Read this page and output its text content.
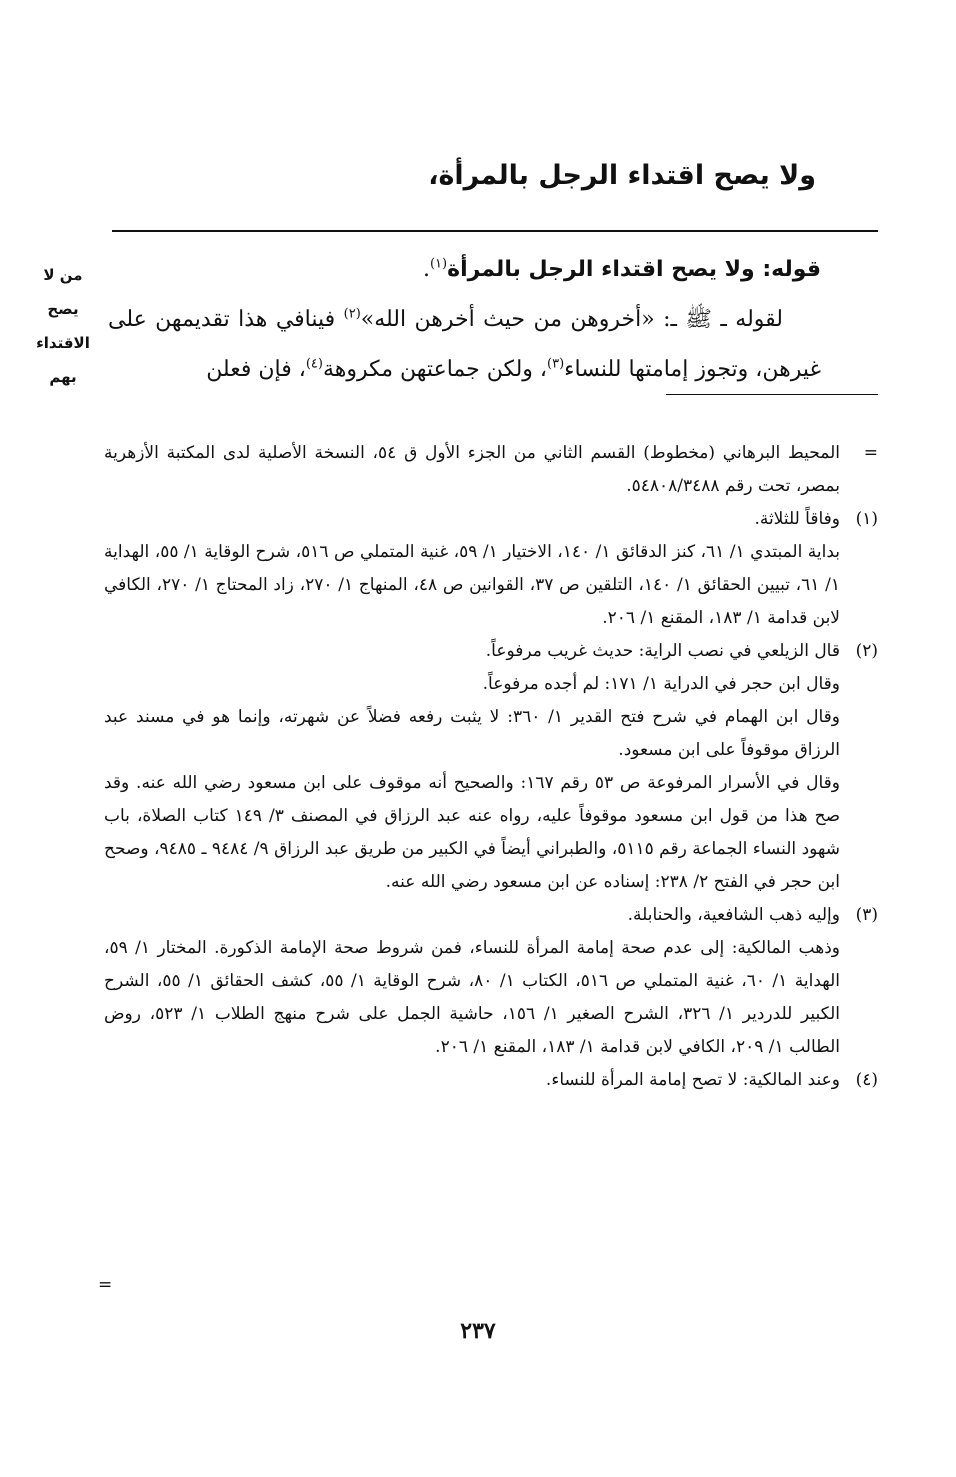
ولا يصح اقتداء الرجل بالمرأة،
من لا
يصح
الاقتداء
بهم

قوله: ولا يصح اقتداء الرجل بالمرأة$^{(١)}$.

لقوله ـ ﷺ ـ: «أخروهن من حيث أخرهن الله»$^{(٢)}$ فينافي هذا تقديمهن على غيرهن، وتجوز إمامتها للنساء$^{(٣)}$، ولكن جماعتهن مكروهة$^{(٤)}$، فإن فعلن

=
المحيط البرهاني (مخطوط) القسم الثاني من الجزء الأول ق ٥٤، النسخة الأصلية لدى المكتبة الأزهرية بمصر، تحت رقم ٥٤٨٠٨/٣٤٨٨.
(١)
وفاقاً للثلاثة.
بداية المبتدي ١/ ٦١، كنز الدقائق ١/ ١٤٠، الاختيار ١/ ٥٩، غنية المتملي ص ٥١٦، شرح الوقاية ١/ ٥٥، الهداية ١/ ٦١، تبيين الحقائق ١/ ١٤٠، التلقين ص ٣٧، القوانين ص ٤٨، المنهاج ١/ ٢٧٠، زاد المحتاج ١/ ٢٧٠، الكافي لابن قدامة ١/ ١٨٣، المقنع ١/ ٢٠٦.
(٢)
قال الزيلعي في نصب الراية: حديث غريب مرفوعاً.
وقال ابن حجر في الدراية ١/ ١٧١: لم أجده مرفوعاً.
وقال ابن الهمام في شرح فتح القدير ١/ ٣٦٠: لا يثبت رفعه فضلاً عن شهرته، وإنما هو في مسند عبد الرزاق موقوفاً على ابن مسعود.
وقال في الأسرار المرفوعة ص ٥٣ رقم ١٦٧: والصحيح أنه موقوف على ابن مسعود رضي الله عنه. وقد صح هذا من قول ابن مسعود موقوفاً عليه، رواه عنه عبد الرزاق في المصنف ٣/ ١٤٩ كتاب الصلاة، باب شهود النساء الجماعة رقم ٥١١٥، والطبراني أيضاً في الكبير من طريق عبد الرزاق ٩/ ٩٤٨٤ ـ ٩٤٨٥، وصحح ابن حجر في الفتح ٢/ ٢٣٨: إسناده عن ابن مسعود رضي الله عنه.
(٣)
وإليه ذهب الشافعية، والحنابلة.
وذهب المالكية: إلى عدم صحة إمامة المرأة للنساء، فمن شروط صحة الإمامة الذكورة. المختار ١/ ٥٩، الهداية ١/ ٦٠، غنية المتملي ص ٥١٦، الكتاب ١/ ٨٠، شرح الوقاية ١/ ٥٥، كشف الحقائق ١/ ٥٥، الشرح الكبير للدردير ١/ ٣٢٦، الشرح الصغير ١/ ١٥٦، حاشية الجمل على شرح منهج الطلاب ١/ ٥٢٣، روض الطالب ١/ ٢٠٩، الكافي لابن قدامة ١/ ١٨٣، المقنع ١/ ٢٠٦.
(٤)
وعند المالكية: لا تصح إمامة المرأة للنساء.
=
٢٣٧
